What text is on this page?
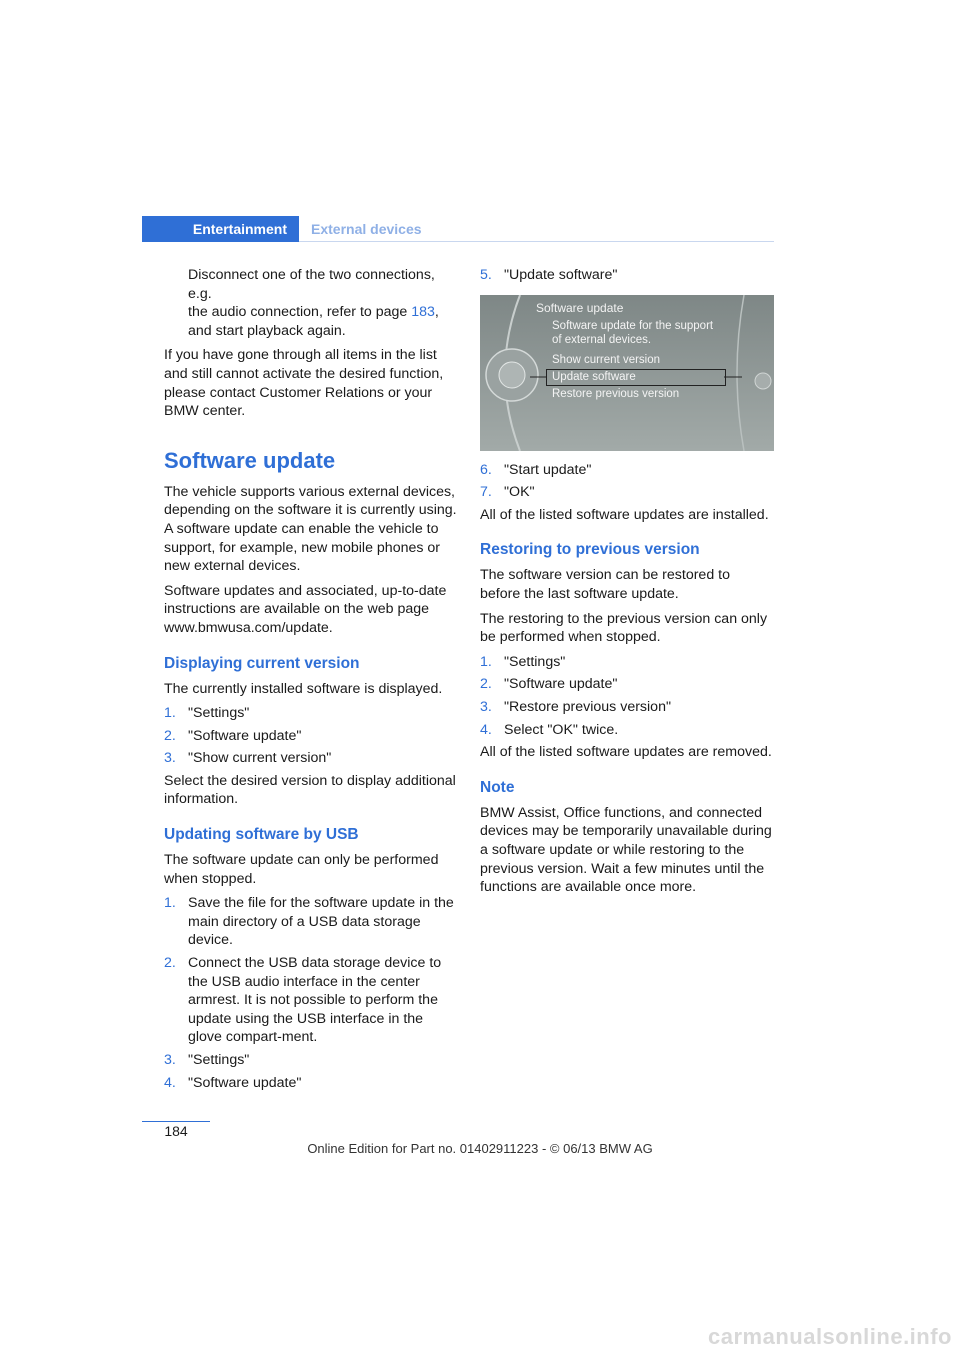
Entertainment	External devices

Disconnect one of the two connections, e.g.
the audio connection, refer to page 183,
and start playback again.

If you have gone through all items in the list and still cannot activate the desired function, please contact Customer Relations or your BMW center.

Software update

The vehicle supports various external devices, depending on the software it is currently using. A software update can enable the vehicle to support, for example, new mobile phones or new external devices.

Software updates and associated, up-to-date instructions are available on the web page www.bmwusa.com/update.

Displaying current version

The currently installed software is displayed.

1. "Settings"
2. "Software update"
3. "Show current version"

Select the desired version to display additional information.

Updating software by USB

The software update can only be performed when stopped.

1. Save the file for the software update in the main directory of a USB data storage device.
2. Connect the USB data storage device to the USB audio interface in the center armrest. It is not possible to perform the update using the USB interface in the glove compart-ment.
3. "Settings"
4. "Software update"
5. "Update software"
Software update
Software update for the support
of external devices.
Show current version
Update software
Restore previous version
6. "Start update"
7. "OK"

All of the listed software updates are installed.

Restoring to previous version

The software version can be restored to before the last software update.

The restoring to the previous version can only be performed when stopped.

1. "Settings"
2. "Software update"
3. "Restore previous version"
4. Select "OK" twice.

All of the listed software updates are removed.

Note

BMW Assist, Office functions, and connected devices may be temporarily unavailable during a software update or while restoring to the previous version. Wait a few minutes until the functions are available once more.

184
Online Edition for Part no. 01402911223 - © 06/13 BMW AG
carmanualsonline.info
